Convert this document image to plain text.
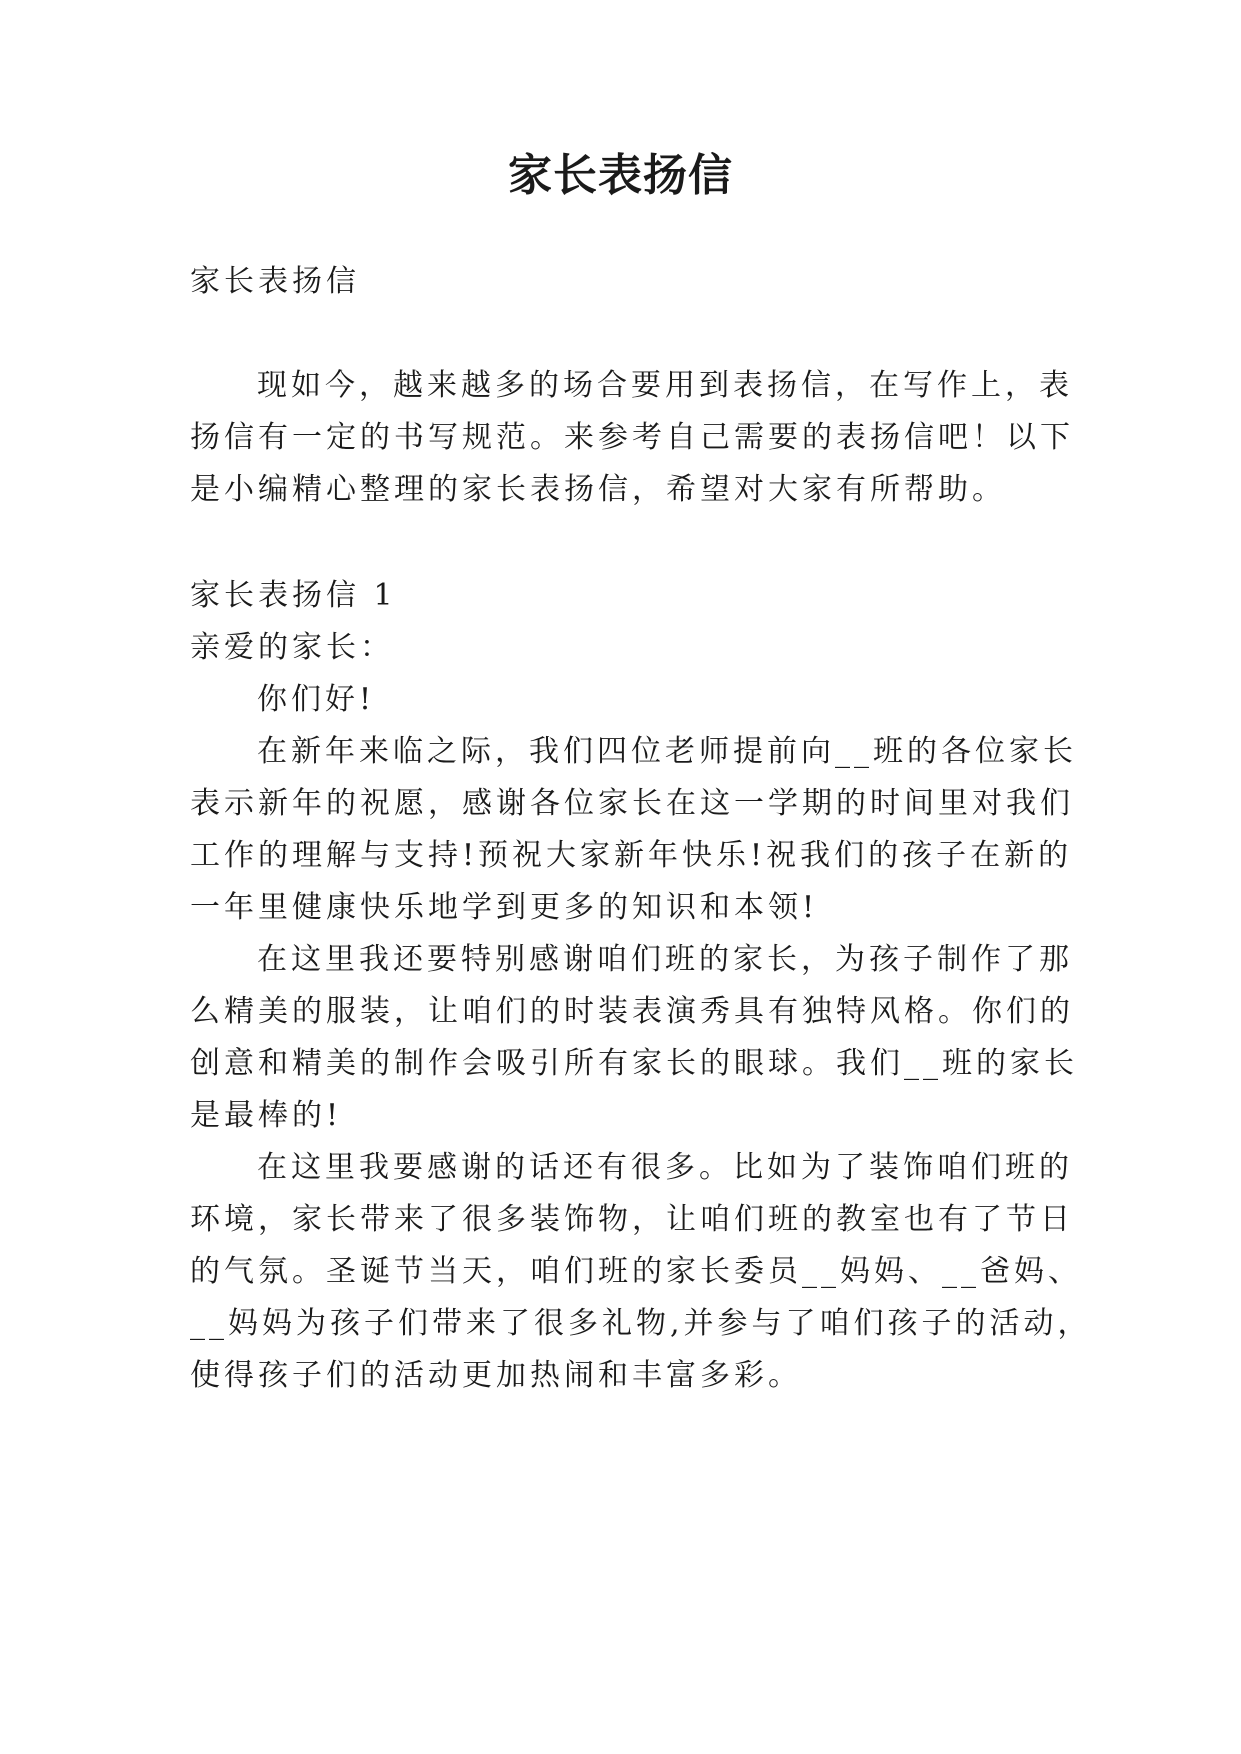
家长表扬信

家长表扬信

现如今，越来越多的场合要用到表扬信，在写作上，表

扬信有一定的书写规范。来参考自己需要的表扬信吧！以下

是小编精心整理的家长表扬信，希望对大家有所帮助。

家长表扬信 1

亲爱的家长：

你们好!

在新年来临之际，我们四位老师提前向__班的各位家长

表示新年的祝愿，感谢各位家长在这一学期的时间里对我们

工作的理解与支持!预祝大家新年快乐!祝我们的孩子在新的

一年里健康快乐地学到更多的知识和本领!

在这里我还要特别感谢咱们班的家长，为孩子制作了那

么精美的服装，让咱们的时装表演秀具有独特风格。你们的

创意和精美的制作会吸引所有家长的眼球。我们__班的家长

是最棒的!

在这里我要感谢的话还有很多。比如为了装饰咱们班的

环境，家长带来了很多装饰物，让咱们班的教室也有了节日

的气氛。圣诞节当天，咱们班的家长委员__妈妈、__爸妈、

__妈妈为孩子们带来了很多礼物,并参与了咱们孩子的活动，

使得孩子们的活动更加热闹和丰富多彩。
